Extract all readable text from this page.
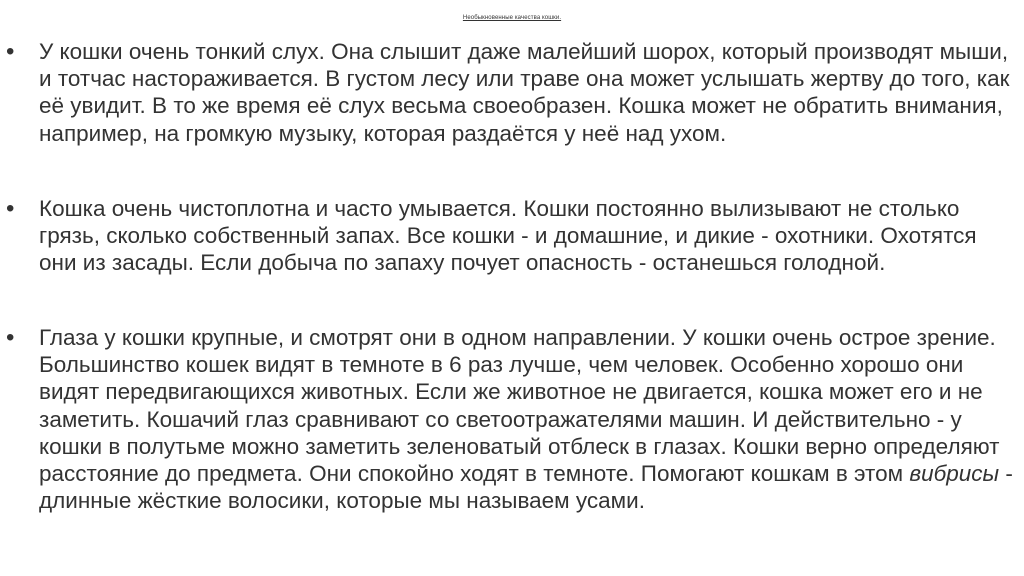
Необыкновенные качества кошки.
• У кошки очень тонкий слух. Она слышит даже малейший шорох, который производят мыши, и тотчас настораживается. В густом лесу или траве она может услышать жертву до того, как её увидит. В то же время её слух весьма своеобразен. Кошка может не обратить внимания, например, на громкую музыку, которая раздаётся у неё над ухом.
• Кошка очень чистоплотна и часто умывается. Кошки постоянно вылизывают не столько грязь, сколько собственный запах. Все кошки - и домашние, и дикие - охотники. Охотятся они из засады. Если добыча по запаху почует опасность - останешься голодной.
• Глаза у кошки крупные, и смотрят они в одном направлении. У кошки очень острое зрение. Большинство кошек видят в темноте в 6 раз лучше, чем человек. Особенно хорошо они видят передвигающихся животных. Если же животное не двигается, кошка может его и не заметить. Кошачий глаз сравнивают со светоотражателями машин. И действительно - у кошки в полутьме можно заметить зеленоватый отблеск в глазах. Кошки верно определяют расстояние до предмета. Они спокойно ходят в темноте. Помогают кошкам в этом вибрисы - длинные жёсткие волосики, которые мы называем усами.
